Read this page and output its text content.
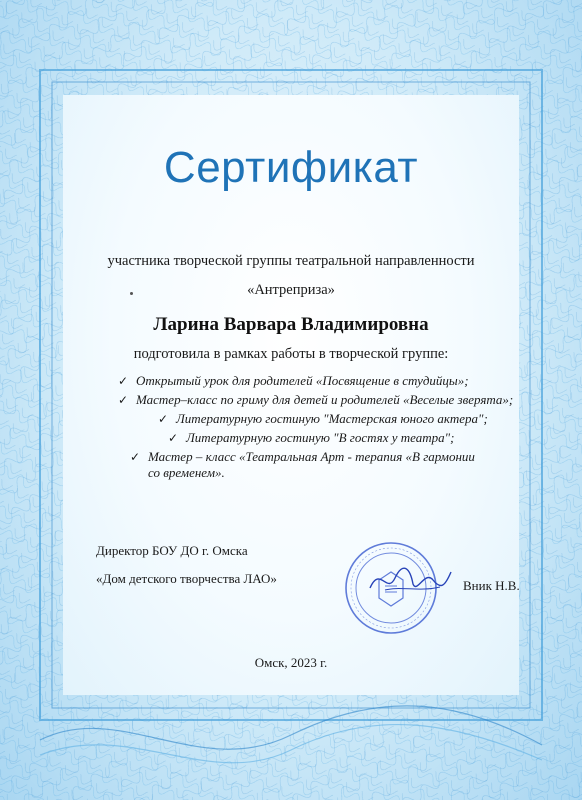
Сертификат
участника творческой группы театральной направленности
«Антреприза»
Ларина Варвара Владимировна
подготовила в рамках работы в творческой группе:
✓ Открытый урок для родителей «Посвящение в студийцы»;
✓ Мастер–класс по гриму для детей и родителей «Веселые зверята»;
✓ Литературную гостиную "Мастерская юного актера";
✓ Литературную гостиную "В гостях у театра";
✓ Мастер – класс «Театральная Арт - терапия «В гармонии со временем».
Директор БОУ ДО г. Омска
«Дом детского творчества ЛАО»	Вник Н.В.
Омск, 2023 г.
